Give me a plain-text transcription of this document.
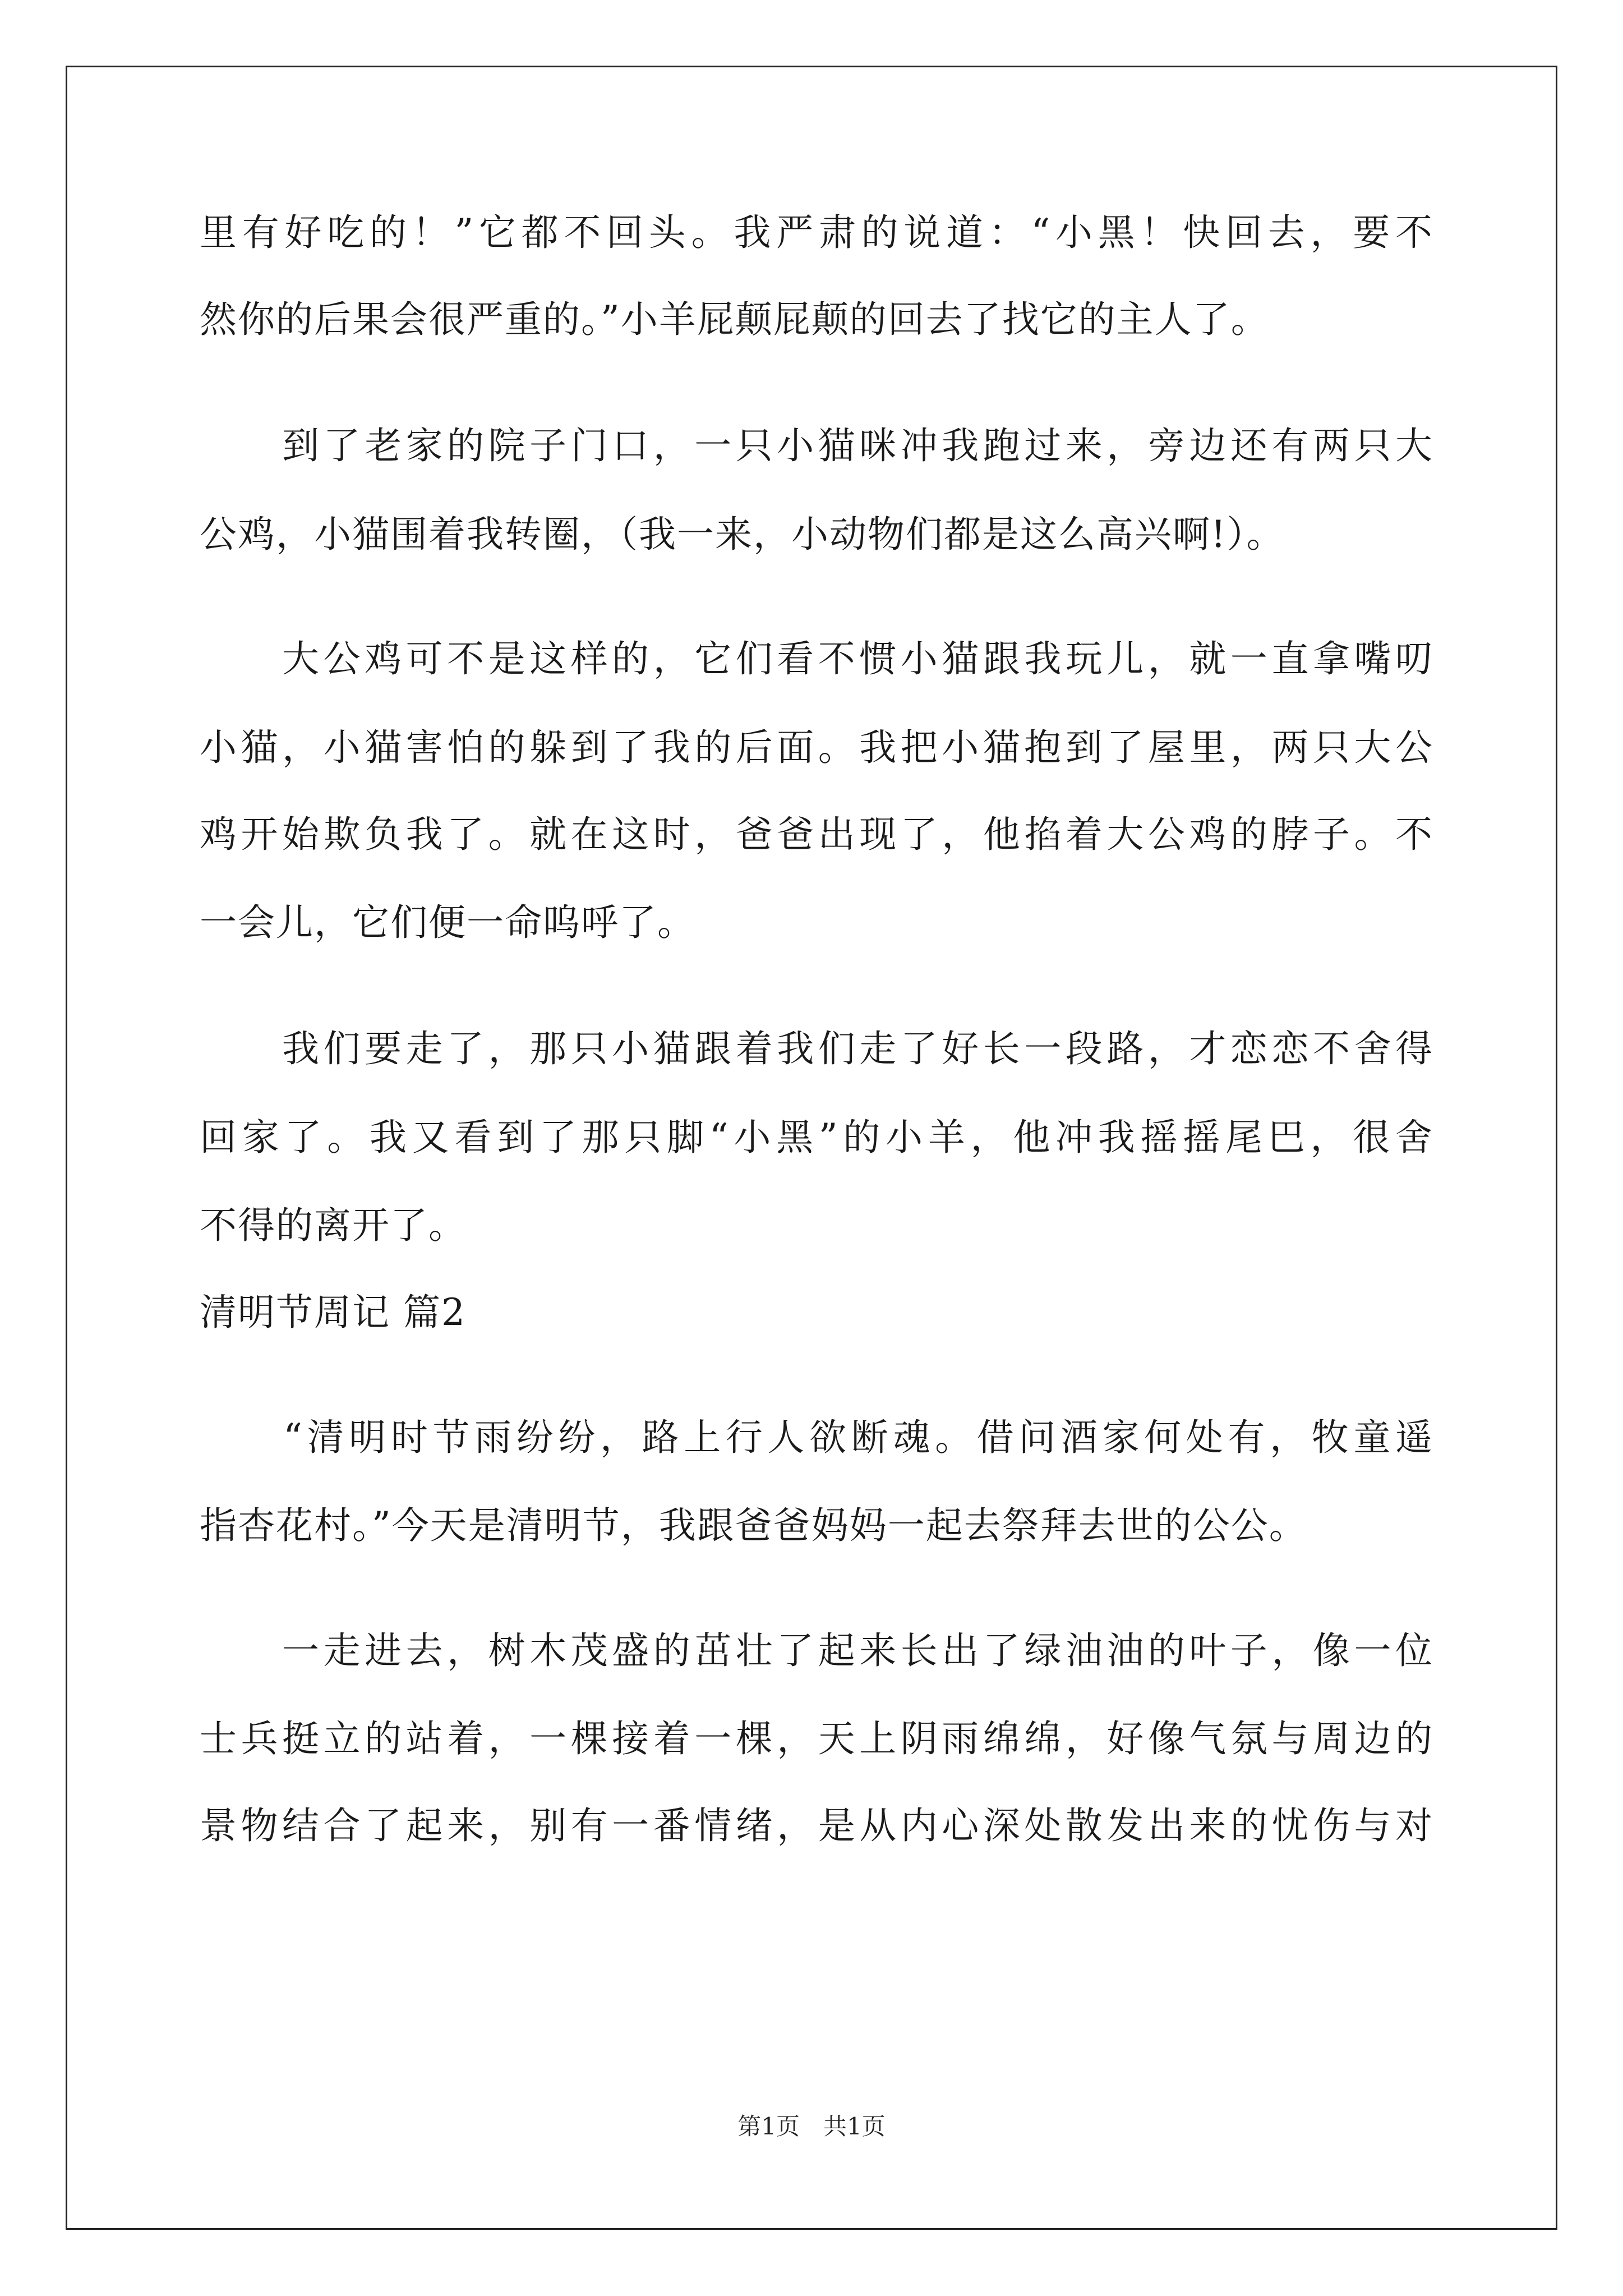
里有好吃的！”它都不回头。我严肃的说道：“小黑！快回去，要不
然你的后果会很严重的。”小羊屁颠屁颠的回去了找它的主人了。
　　到了老家的院子门口，一只小猫咪冲我跑过来，旁边还有两只大
公鸡，小猫围着我转圈，（我一来，小动物们都是这么高兴啊!）。
　　大公鸡可不是这样的，它们看不惯小猫跟我玩儿，就一直拿嘴叨
小猫，小猫害怕的躲到了我的后面。我把小猫抱到了屋里，两只大公
鸡开始欺负我了。就在这时，爸爸出现了，他掐着大公鸡的脖子。不
一会儿，它们便一命呜呼了。
　　我们要走了，那只小猫跟着我们走了好长一段路，才恋恋不舍得
回家了。我又看到了那只脚“小黑”的小羊，他冲我摇摇尾巴，很舍
不得的离开了。
清明节周记 篇2
　　“清明时节雨纷纷，路上行人欲断魂。借问酒家何处有，牧童遥
指杏花村。”今天是清明节，我跟爸爸妈妈一起去祭拜去世的公公。
　　一走进去，树木茂盛的茁壮了起来长出了绿油油的叶子，像一位
士兵挺立的站着，一棵接着一棵，天上阴雨绵绵，好像气氛与周边的
景物结合了起来，别有一番情绪，是从内心深处散发出来的忧伤与对
第1页　共1页
